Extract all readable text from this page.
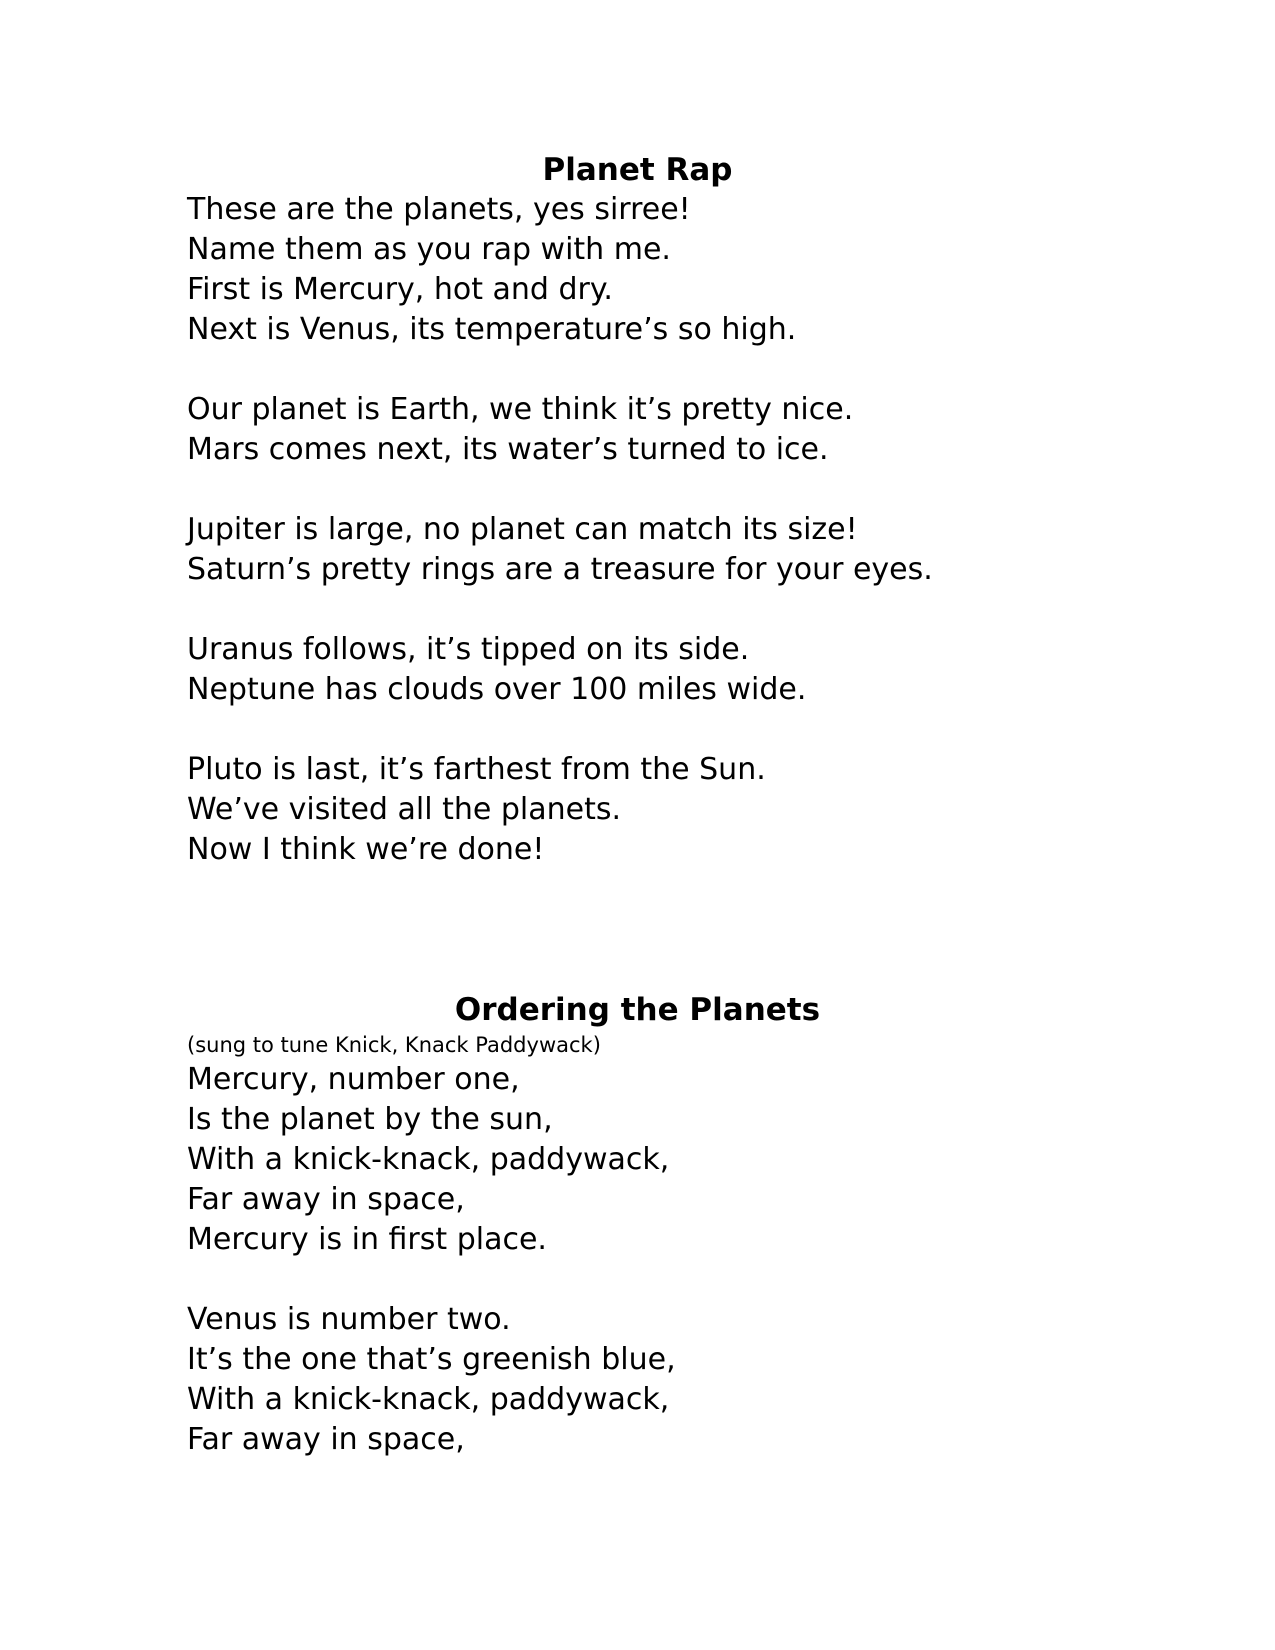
Planet Rap
These are the planets, yes sirree!
Name them as you rap with me.
First is Mercury, hot and dry.
Next is Venus, its temperature’s so high.
Our planet is Earth, we think it’s pretty nice.
Mars comes next, its water’s turned to ice.
Jupiter is large, no planet can match its size!
Saturn’s pretty rings are a treasure for your eyes.
Uranus follows, it’s tipped on its side.
Neptune has clouds over 100 miles wide.
Pluto is last, it’s farthest from the Sun.
We’ve visited all the planets.
Now I think we’re done!
Ordering the Planets
(sung to tune Knick, Knack Paddywack)
Mercury, number one,
Is the planet by the sun,
With a knick-knack, paddywack,
Far away in space,
Mercury is in first place.
Venus is number two.
It’s the one that’s greenish blue,
With a knick-knack, paddywack,
Far away in space,
